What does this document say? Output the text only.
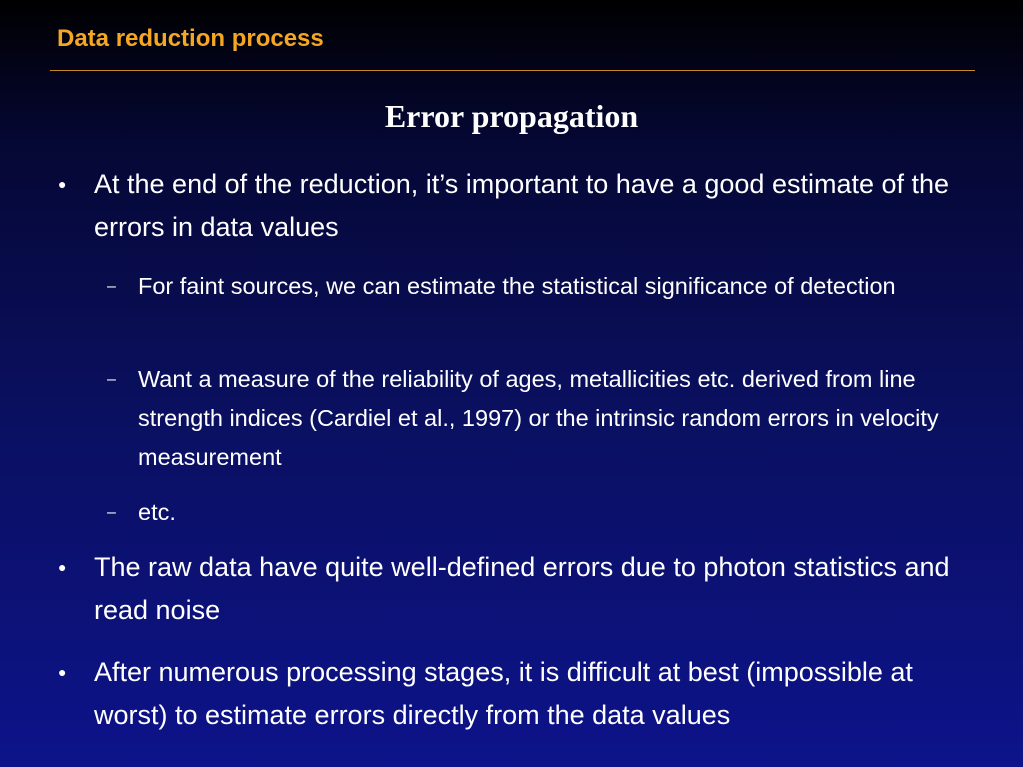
Data reduction process
Error propagation
● At the end of the reduction, it’s important to have a good estimate of the errors in data values
– For faint sources, we can estimate the statistical significance of detection
– Want a measure of the reliability of ages, metallicities etc. derived from line strength indices (Cardiel et al., 1997) or the intrinsic random errors in velocity measurement
– etc.
● The raw data have quite well-defined errors due to photon statistics and read noise
● After numerous processing stages, it is difficult at best (impossible at worst) to estimate errors directly from the data values
